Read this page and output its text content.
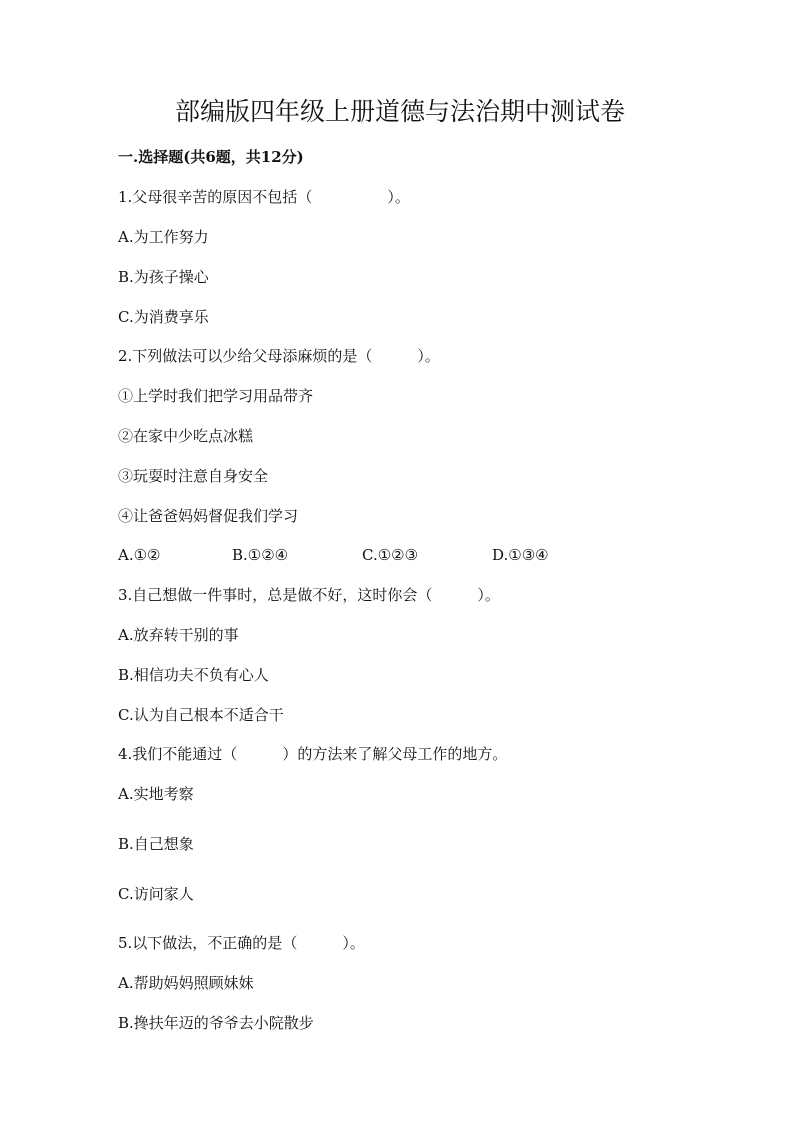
部编版四年级上册道德与法治期中测试卷
一.选择题(共6题，共12分)
1.父母很辛苦的原因不包括（　　　　　）。
A.为工作努力
B.为孩子操心
C.为消费享乐
2.下列做法可以少给父母添麻烦的是（　　　）。
①上学时我们把学习用品带齐
②在家中少吃点冰糕
③玩耍时注意自身安全
④让爸爸妈妈督促我们学习
A.①②	B.①②④	C.①②③	D.①③④
3.自己想做一件事时，总是做不好，这时你会（　　　）。
A.放弃转干别的事
B.相信功夫不负有心人
C.认为自己根本不适合干
4.我们不能通过（　　　）的方法来了解父母工作的地方。
A.实地考察
B.自己想象
C.访问家人
5.以下做法，不正确的是（　　　）。
A.帮助妈妈照顾妹妹
B.搀扶年迈的爷爷去小院散步
